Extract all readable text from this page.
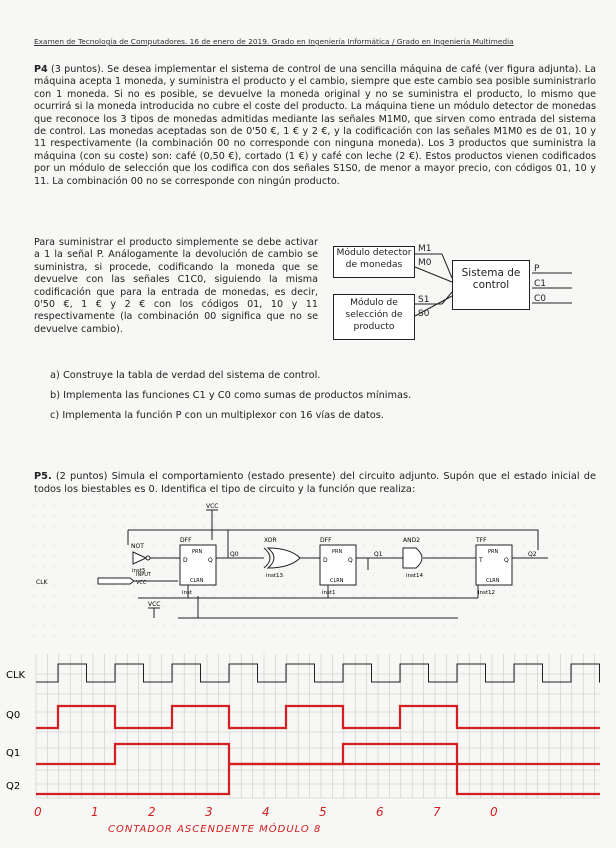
Examen de Tecnología de Computadores. 16 de enero de 2019. Grado en Ingeniería Informática / Grado en Ingeniería Multimedia
P4 (3 puntos). Se desea implementar el sistema de control de una sencilla máquina de café (ver figura adjunta). La máquina acepta 1 moneda, y suministra el producto y el cambio, siempre que este cambio sea posible suministrarlo con 1 moneda. Si no es posible, se devuelve la moneda original y no se suministra el producto, lo mismo que ocurrirá si la moneda introducida no cubre el coste del producto. La máquina tiene un módulo detector de monedas que reconoce los 3 tipos de monedas admitidas mediante las señales M1M0, que sirven como entrada del sistema de control. Las monedas aceptadas son de 0'50 €, 1 € y 2 €, y la codificación con las señales M1M0 es de 01, 10 y 11 respectivamente (la combinación 00 no corresponde con ninguna moneda). Los 3 productos que suministra la máquina (con su coste) son: café (0,50 €), cortado (1 €) y café con leche (2 €). Estos productos vienen codificados por un módulo de selección que los codifica con dos señales S1S0, de menor a mayor precio, con códigos 01, 10 y 11. La combinación 00 no se corresponde con ningún producto.
Para suministrar el producto simplemente se debe activar a 1 la señal P. Análogamente la devolución de cambio se suministra, si procede, codificando la moneda que se devuelve con las señales C1C0, siguiendo la misma codificación que para la entrada de monedas, es decir, 0'50 €, 1 € y 2 € con los códigos 01, 10 y 11 respectivamente (la combinación 00 significa que no se devuelve cambio).
Módulo detector de monedas
Módulo de selección de producto
Sistema de control
M1
M0
S1
S0
P
C1
C0
a) Construye la tabla de verdad del sistema de control.
b) Implementa las funciones C1 y C0 como sumas de productos mínimas.
c) Implementa la función P con un multiplexor con 16 vías de datos.
P5. (2 puntos) Simula el comportamiento (estado presente) del circuito adjunto. Supón que el estado inicial de todos los biestables es 0. Identifica el tipo de circuito y la función que realiza:
VCC
VCC
NOT
inst5
DFF
PRN
D	Q
CLRN
inst
Q0
XOR
inst13
DFF
PRN
D	Q
CLRN
inst1
Q1
AND2
inst14
TFF
PRN
T	Q
CLRN
inst12
Q2
CLK
INPUT
VCC
CLK
Q0
Q1
Q2
0	1	2	3	4	5	6	7	0
CONTADOR ASCENDENTE MÓDULO 8
